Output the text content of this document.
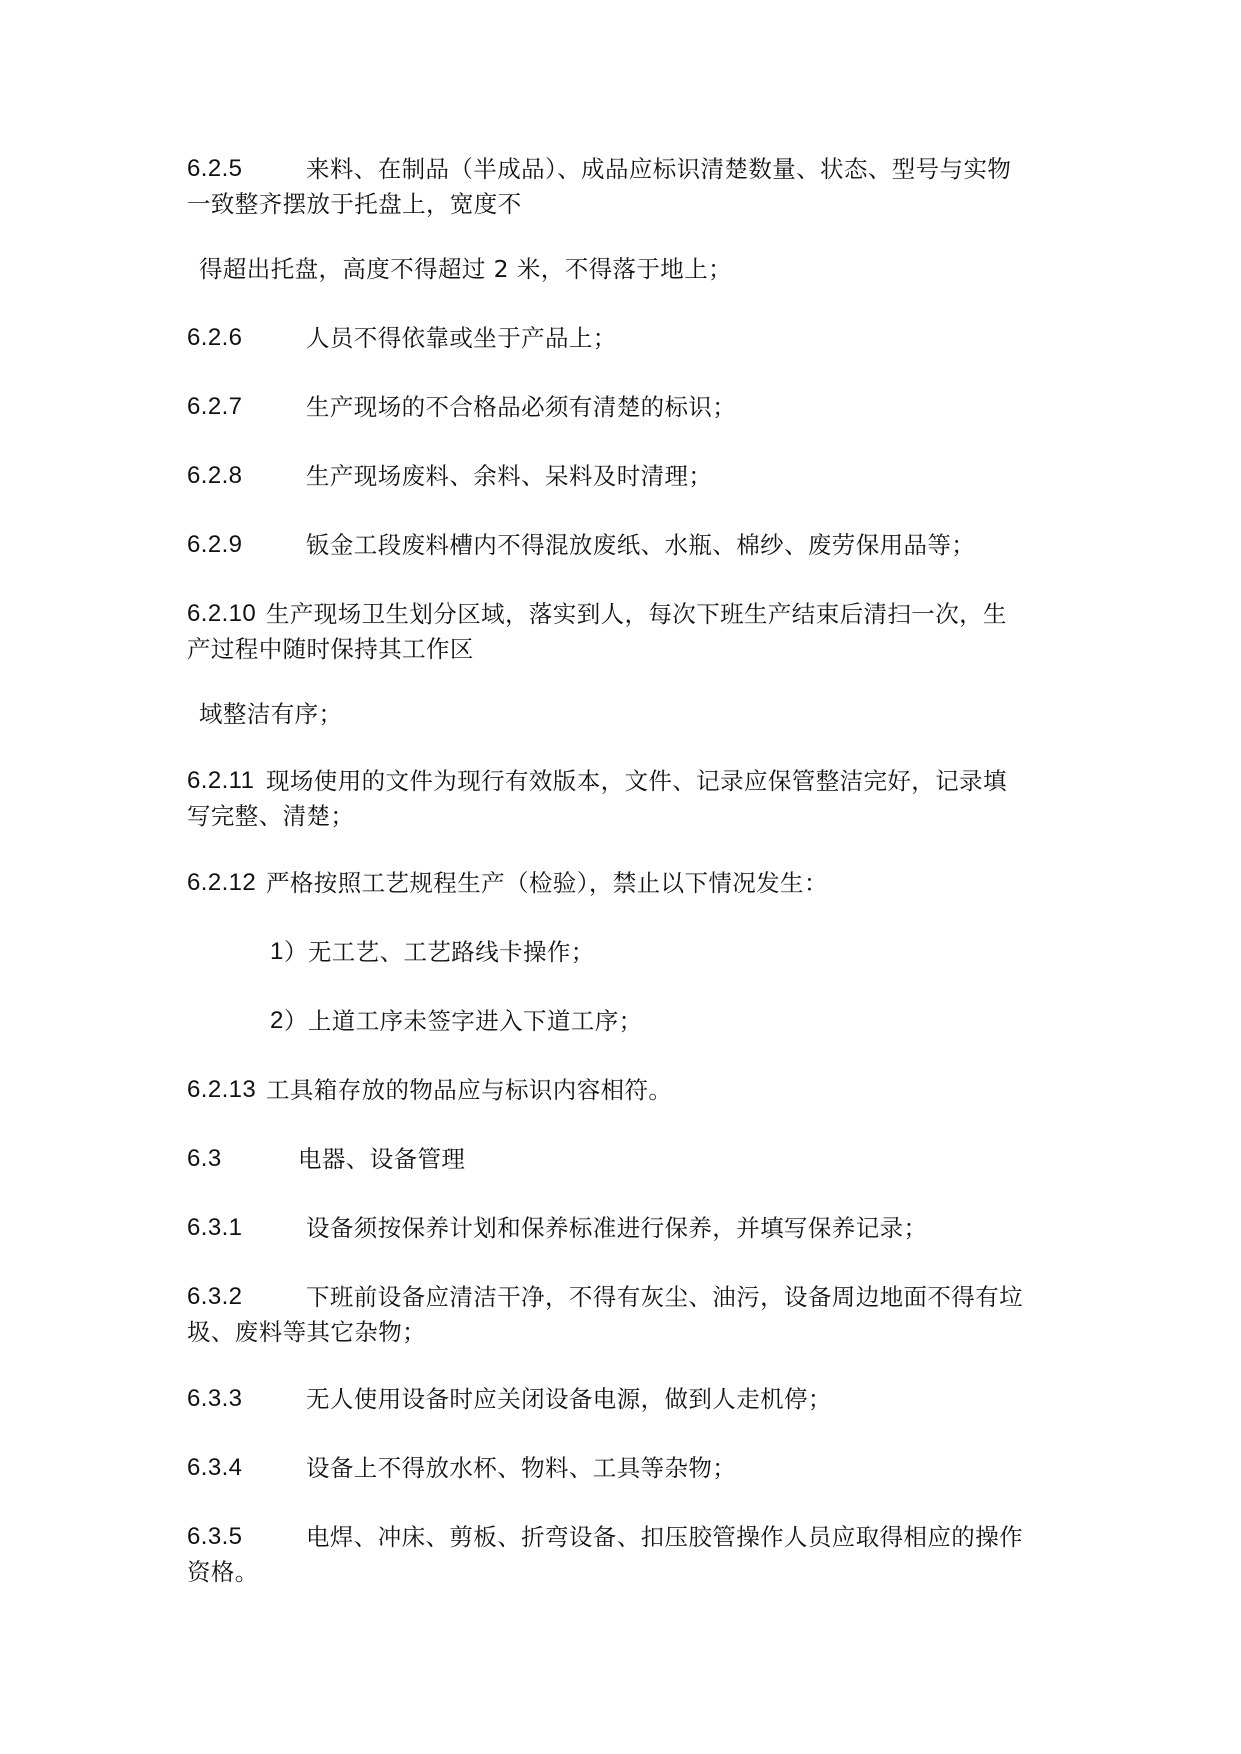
6.2.5	来料、在制品（半成品）、成品应标识清楚数量、状态、型号与实物
一致整齐摆放于托盘上，宽度不
得超出托盘，高度不得超过 2 米，不得落于地上；
6.2.6	人员不得依靠或坐于产品上；
6.2.7	生产现场的不合格品必须有清楚的标识；
6.2.8	生产现场废料、余料、呆料及时清理；
6.2.9	钣金工段废料槽内不得混放废纸、水瓶、棉纱、废劳保用品等；
6.2.10 生产现场卫生划分区域，落实到人，每次下班生产结束后清扫一次，生
产过程中随时保持其工作区
域整洁有序；
6.2.11 现场使用的文件为现行有效版本，文件、记录应保管整洁完好，记录填
写完整、清楚；
6.2.12 严格按照工艺规程生产（检验），禁止以下情况发生：
1 ）无工艺、工艺路线卡操作；
2 ）上道工序未签字进入下道工序；
6.2.13 工具箱存放的物品应与标识内容相符。
6.3	电器、设备管理
6.3.1	设备须按保养计划和保养标准进行保养，并填写保养记录；
6.3.2	下班前设备应清洁干净，不得有灰尘、油污，设备周边地面不得有垃
圾、废料等其它杂物；
6.3.3	无人使用设备时应关闭设备电源，做到人走机停；
6.3.4	设备上不得放水杯、物料、工具等杂物；
6.3.5	电焊、冲床、剪板、折弯设备、扣压胶管操作人员应取得相应的操作
资格。
